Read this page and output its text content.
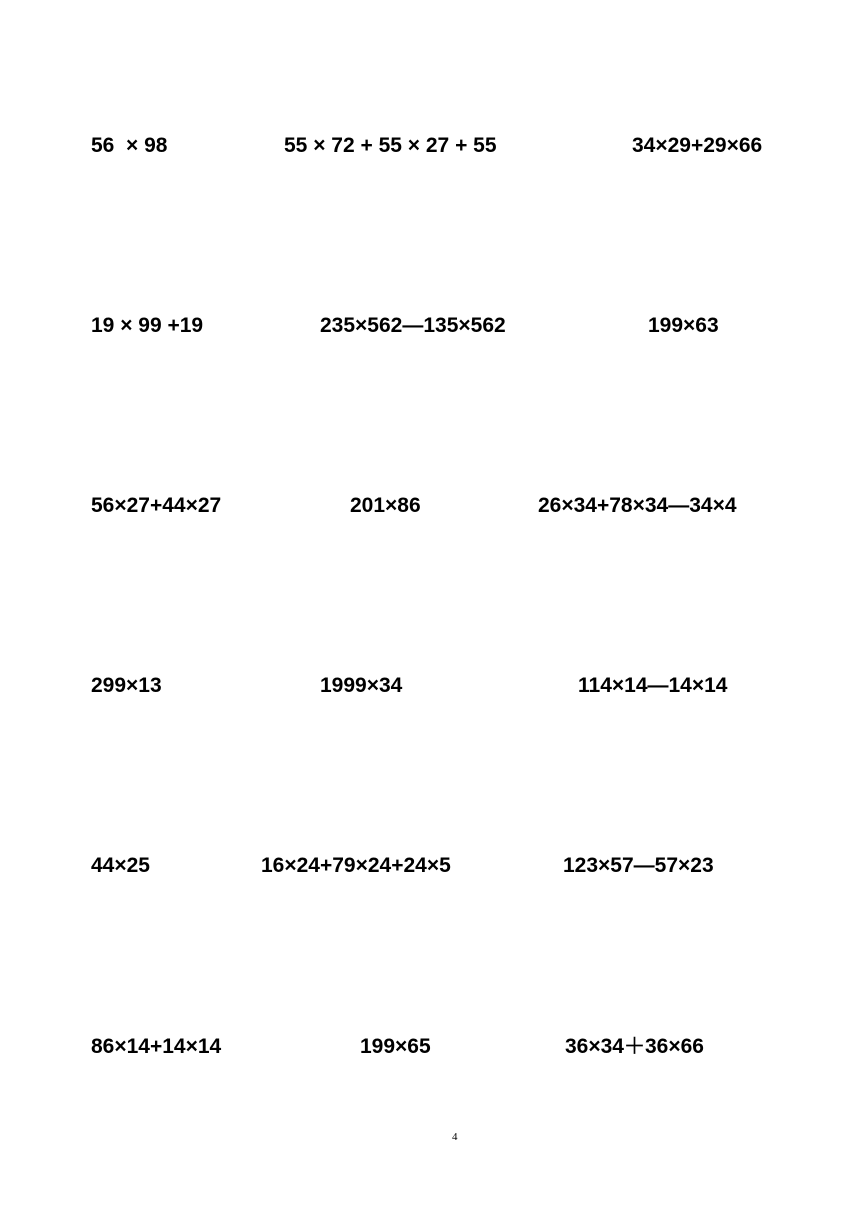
56  × 98	55 × 72 + 55 × 27 + 55	34×29+29×66
19 × 99 +19	235×562—135×562	199×63
56×27+44×27	201×86	26×34+78×34—34×4
299×13	1999×34	114×14—14×14
44×25	16×24+79×24+24×5	123×57—57×23
86×14+14×14	199×65	36×34＋36×66
4
